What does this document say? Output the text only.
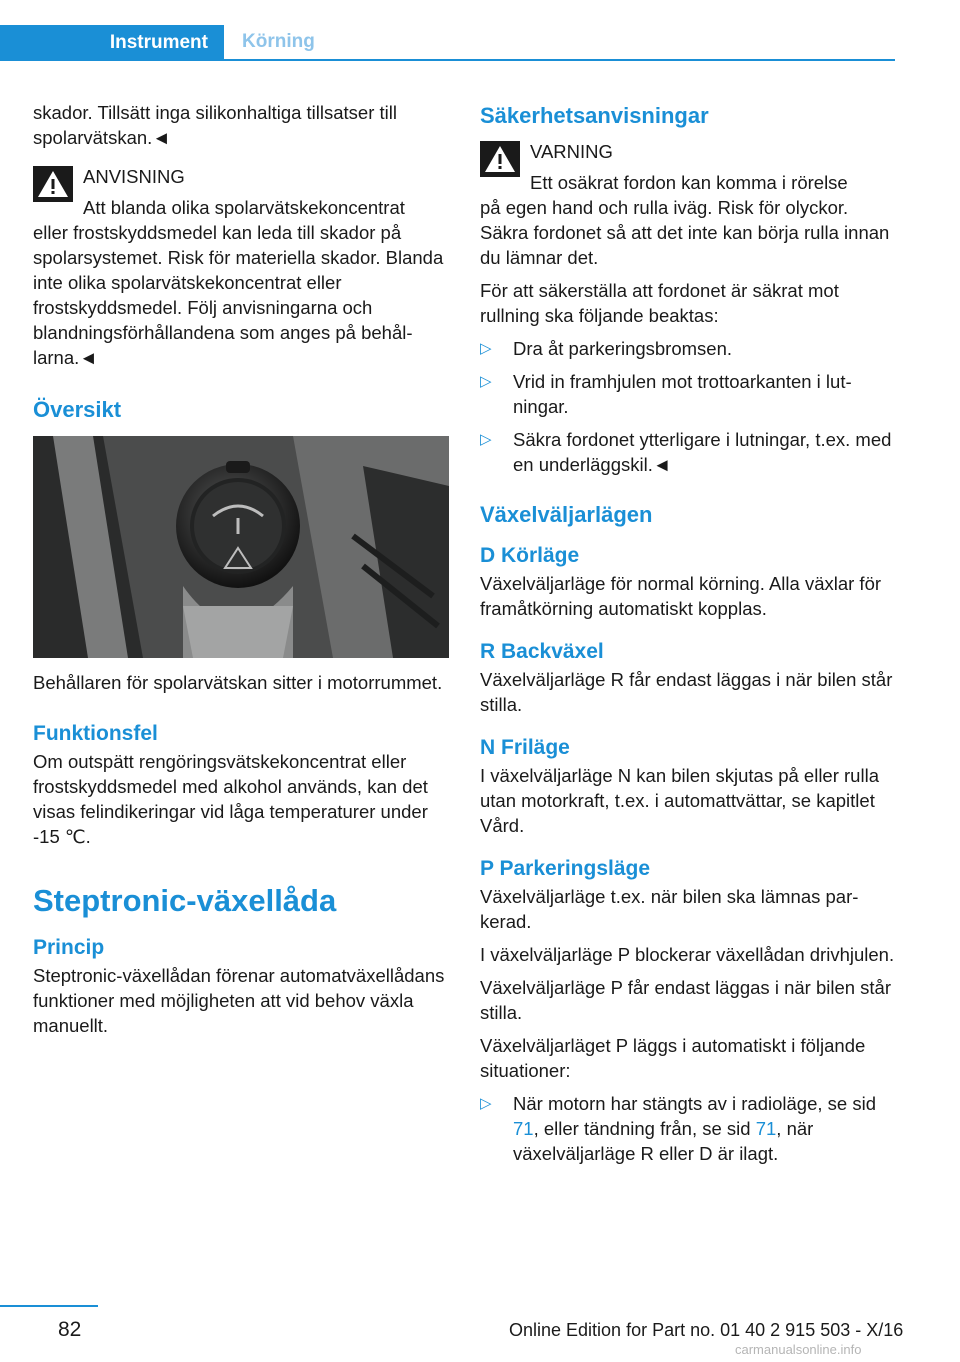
Instrument	Körning

skador. Tillsätt inga silikonhaltiga tillsatser till spolarvätskan.◄

ANVISNING

Att blanda olika spolarvätskekoncentrat
eller frostskyddsmedel kan leda till skador på spolarsystemet. Risk för materiella skador. Blanda inte olika spolarvätskekoncentrat eller frostskyddsmedel. Följ anvisningarna och blandningsförhållandena som anges på behållarna.◄

Översikt

Behållaren för spolarvätskan sitter i motorrummet.

Funktionsfel

Om outspätt rengöringsvätskekoncentrat eller frostskyddsmedel med alkohol används, kan det visas felindikeringar vid låga temperaturer under ‑15 ℃.

Steptronic-växellåda
Princip

Steptronic-växellådan förenar automatväxellådans funktioner med möjligheten att vid behov växla manuellt.

Säkerhetsanvisningar

VARNING

Ett osäkrat fordon kan komma i rörelse
på egen hand och rulla iväg. Risk för olyckor. Säkra fordonet så att det inte kan börja rulla innan du lämnar det.

För att säkerställa att fordonet är säkrat mot rullning ska följande beaktas:

▷ Dra åt parkeringsbromsen.
▷ Vrid in framhjulen mot trottoarkanten i lutningar.
▷ Säkra fordonet ytterligare i lutningar, t.ex. med en underläggskil.◄
Växelväljarlägen
D Körläge

Växelväljarläge för normal körning. Alla växlar för framåtkörning automatiskt kopplas.

R Backväxel

Växelväljarläge R får endast läggas i när bilen står stilla.

N Friläge

I växelväljarläge N kan bilen skjutas på eller rulla utan motorkraft, t.ex. i automattvättar, se kapitlet Vård.

P Parkeringsläge

Växelväljarläge t.ex. när bilen ska lämnas parkerad.

I växelväljarläge P blockerar växellådan drivhjulen.

Växelväljarläge P får endast läggas i när bilen står stilla.

Växelväljarläget P läggs i automatiskt i följande situationer:

▷ När motorn har stängts av i radioläge, se sid 71, eller tändning från, se sid 71, när växelväljarläge R eller D är ilagt.
82	Online Edition for Part no. 01 40 2 915 503 - X/16
carmanualsonline.info
